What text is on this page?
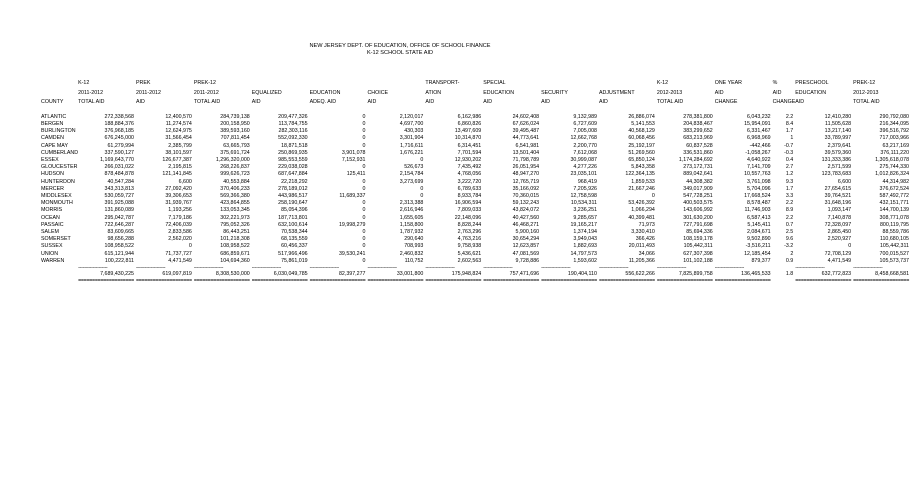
NEW JERSEY DEPT. OF EDUCATION, OFFICE OF SCHOOL FINANCE
K-12 SCHOOL STATE AID
	K-12	PREK	PREK-12				TRANSPORT-	SPECIAL			K-12	ONE YEAR	%	PRESCHOOL	PREK-12
	2011-2012	2011-2012	2011-2012	EQUALIZED	EDUCATION	CHOICE	ATION	EDUCATION	SECURITY	ADJUSTMENT	2012-2013	AID	AID	EDUCATION	2012-2013
COUNTY	TOTAL AID	AID	TOTAL AID	AID	ADEQ. AID	AID	AID	AID	AID	AID	TOTAL AID	CHANGE	CHANGE	AID	TOTAL AID

ATLANTIC	272,338,568	12,400,570	284,739,138	209,477,326	0	2,120,017	6,162,986	24,602,408	9,132,989	26,886,074	278,381,800	6,043,232	2.2	12,410,280	290,792,080
BERGEN	188,884,376	11,274,574	200,158,950	113,784,755	0	4,697,700	6,860,826	67,626,024	6,727,609	5,141,553	204,838,467	15,954,091	8.4	11,505,628	216,344,095
BURLINGTON	376,968,185	12,624,975	389,593,160	282,303,116	0	430,303	13,497,609	39,495,487	7,005,008	40,568,129	383,299,652	6,331,467	1.7	13,217,140	396,516,792
CAMDEN	676,245,000	31,566,454	707,811,454	552,092,330	0	3,301,904	10,314,870	44,773,641	12,662,768	60,068,456	683,213,969	6,968,969	1	33,789,997	717,003,966
CAPE MAY	61,279,994	2,385,799	63,665,793	18,871,518	0	1,716,611	6,314,451	6,541,981	2,200,770	25,192,197	60,837,528	-442,466	-0.7	2,379,641	63,217,169
CUMBERLAND	337,590,127	38,101,597	375,691,724	250,869,935	3,901,078	1,676,221	7,701,594	13,501,404	7,612,068	51,269,560	336,531,860	-1,058,267	-0.3	39,579,360	376,111,220
ESSEX	1,169,643,770	126,677,387	1,296,320,000	985,553,559	7,152,931	0	12,930,202	71,798,789	30,999,087	65,850,124	1,174,284,692	4,640,922	0.4	131,333,386	1,305,618,078
GLOUCESTER	266,031,022	2,195,815	268,226,837	229,038,028	0	526,673	7,435,492	26,051,954	4,277,226	5,843,358	273,172,731	7,141,709	2.7	2,571,599	275,744,330
HUDSON	878,484,878	121,141,845	999,626,723	687,647,884	125,411	2,154,784	4,768,056	48,947,270	23,035,101	122,364,135	889,042,641	10,557,763	1.2	123,783,683	1,012,826,324
HUNTERDON	40,547,284	6,600	40,553,884	22,218,292	0	3,273,699	3,222,720	12,765,719	968,419	1,859,533	44,308,382	3,761,098	9.3	6,600	44,314,982
MERCER	343,313,813	27,092,420	370,406,233	278,189,012	0	0	6,789,633	35,166,092	7,205,926	21,667,246	349,017,909	5,704,096	1.7	27,654,615	376,672,524
MIDDLESEX	530,059,727	39,306,653	569,366,380	443,986,517	11,689,337	0	8,933,784	70,360,015	12,758,598	0	547,728,251	17,668,524	3.3	39,764,521	587,492,772
MONMOUTH	391,925,088	31,939,767	423,864,855	258,190,647	0	2,313,388	16,906,594	59,132,243	10,534,311	53,426,392	400,503,575	8,578,487	2.2	31,648,196	432,151,771
MORRIS	131,860,089	1,193,256	133,053,345	85,054,396	0	2,616,946	7,809,033	43,824,072	3,236,251	1,066,294	143,606,992	11,746,903	8.9	1,093,147	144,700,139
OCEAN	295,042,787	7,179,186	302,221,973	187,713,801	0	1,655,605	22,148,096	40,427,560	9,285,657	40,399,481	301,630,200	6,587,413	2.2	7,140,878	308,771,078
PASSAIC	722,646,287	72,406,039	795,052,326	632,100,614	19,998,279	1,158,800	8,828,244	46,468,271	19,165,217	71,973	727,791,698	5,145,411	0.7	72,328,097	800,119,795
SALEM	83,609,665	2,833,586	86,443,251	70,538,344	0	1,787,932	2,763,296	5,900,160	1,374,194	3,330,410	85,694,336	2,084,671	2.5	2,865,450	88,559,786
SOMERSET	98,656,288	2,562,020	101,218,308	68,135,559	0	290,640	4,763,216	30,654,294	3,949,043	366,426	108,159,178	9,502,890	9.6	2,520,927	110,680,105
SUSSEX	108,958,522	0	108,958,522	60,456,337	0	708,993	9,758,938	12,623,857	1,882,693	20,011,493	105,442,311	-3,516,211	-3.2	0	105,442,311
UNION	615,121,944	71,737,727	686,859,671	517,966,496	39,530,241	2,460,832	5,436,621	47,081,569	14,797,573	34,066	627,307,398	12,185,454	2	72,708,129	700,015,527
WARREN	100,222,811	4,471,549	104,694,360	75,861,019	0	110,752	2,602,563	9,728,886	1,593,602	11,205,366	101,102,188	879,377	0.9	4,471,549	105,573,737
	--------------------	--------------------	--------------------	--------------------	--------------------	--------------------	--------------------	--------------------	--------------------	--------------------	--------------------	--------------------		--------------------	--------------------
	7,689,430,225	619,097,819	8,308,530,000	6,030,049,785	82,397,277	33,001,800	175,948,824	757,471,696	190,404,110	556,622,266	7,825,899,758	136,465,533	1.8	632,772,823	8,458,668,581
	====================	====================	====================	====================	====================	====================	====================	====================	====================	====================	====================	====================		====================	====================
